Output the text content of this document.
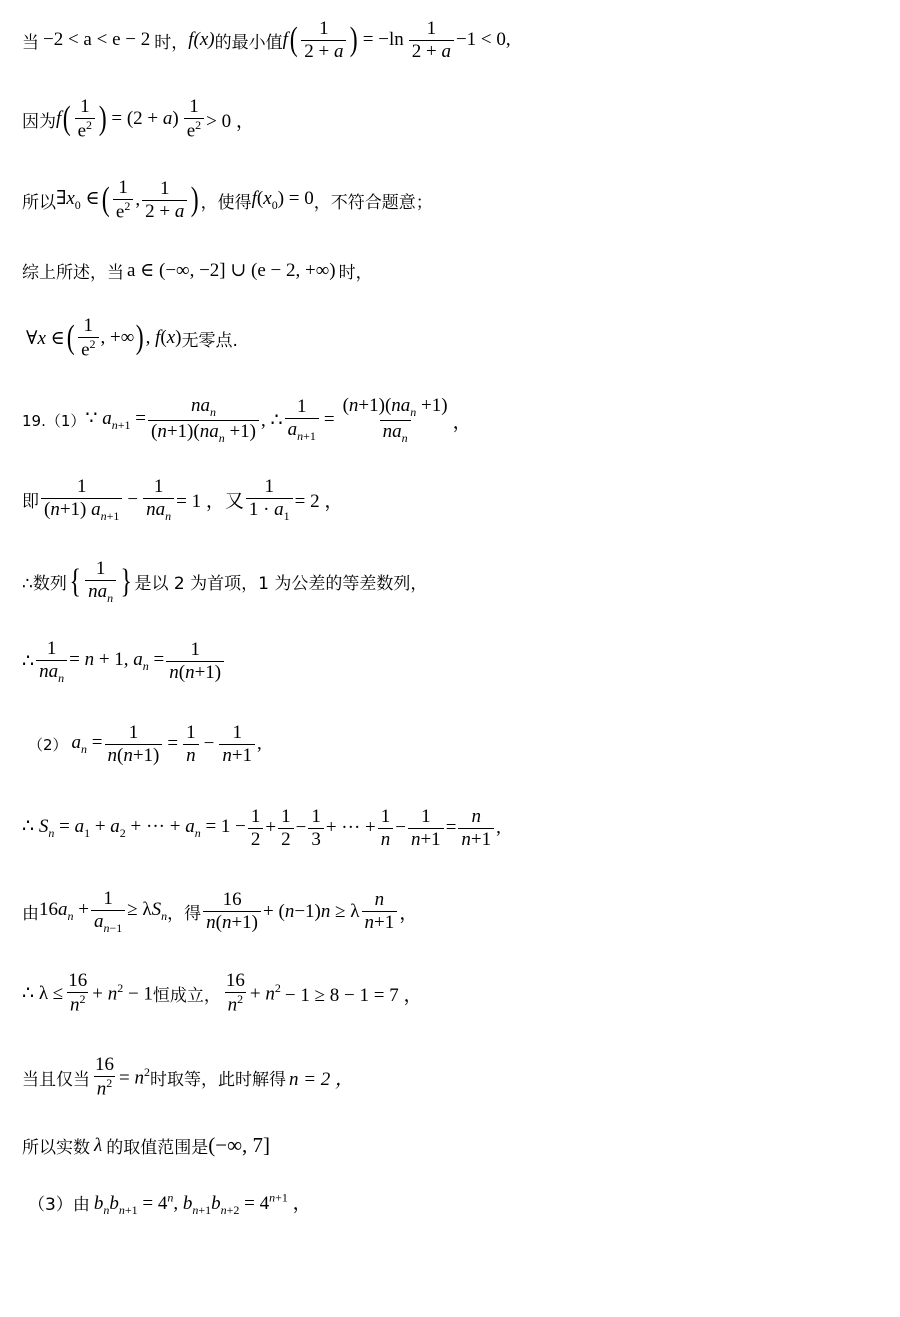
当 −2 < a < e − 2 时， f(x) 的最小值 f ( $\frac{1}{2 + a}$ ) = $-\ln \frac{1}{2 + a} -1 < 0$,
因为 f ( $\frac{1}{e^2}$ ) = $(2 + a) \frac{1}{e^2} > 0$ ，
所以 $\exists x_0$ ∈ ( $\frac{1}{e^2}$ , $\frac{1}{2 + a}$ ) ，使得 $f(x_0) = 0$ ，不符合题意；
综上所述，当 a ∈ (−∞, −2] ∪ (e − 2, +∞) 时，
∀x ∈ ( $\frac{1}{e^2}$ , +∞ ) , f(x) 无零点.
19.（1） ∵ $a_{n+1} = \frac{na_n}{(n+1)(na_n +1)}$ , ∴ $\frac{1}{a_{n+1}} = \frac{(n+1)(na_n +1)}{na_n}$ ，
即 $\frac{1}{(n+1) a_{n+1}} - \frac{1}{na_n} = 1$ ，又 $\frac{1}{1 \cdot a_1} = 2$ ，
∴数列 { $\frac{1}{na_n}$ } 是以 2 为首项，1 为公差的等差数列，
∴ $\frac{1}{na_n} = n + 1$, $a_n = \frac{1}{n(n+1)}$
（2） $a_n = \frac{1}{n(n+1)} = \frac{1}{n} - \frac{1}{n+1}$ ,
∴ $S_n = a_1 + a_2$ + ··· + $a_n = 1 - \frac{1}{2} + \frac{1}{2} - \frac{1}{3}$ + ··· + $\frac{1}{n} - \frac{1}{n+1} = \frac{n}{n+1}$ ,
由 $16a_n + \frac{1}{a_{n-1}} \ge \lambda S_n$ ，得 $\frac{16}{n(n+1)} + (n-1)n \ge \lambda \frac{n}{n+1}$ ，
∴ $\lambda \le \frac{16}{n^2} + n^2 - 1$ 恒成立， $\frac{16}{n^2} + n^2 - 1 \ge 8 - 1 = 7$ ，
当且仅当 $\frac{16}{n^2} = n^2$ 时取等，此时解得 n = 2 ，
所以实数 λ 的取值范围是 (−∞, 7]
（3）由 $b_nb_{n+1} = 4^n$, $b_{n+1}b_{n+2} = 4^{n+1}$ ，
